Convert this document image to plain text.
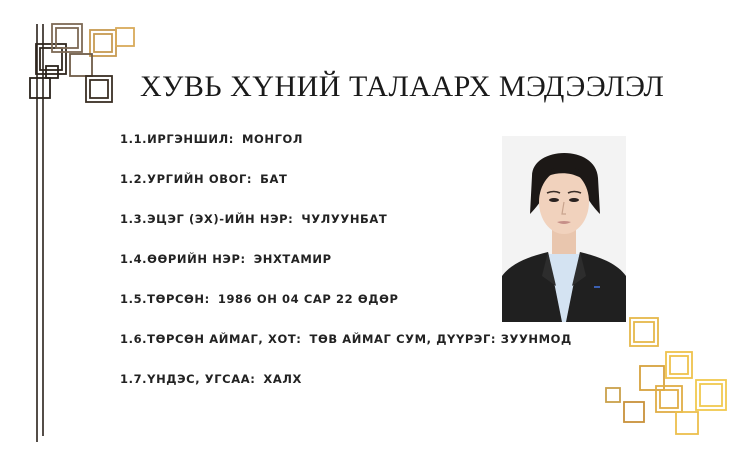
ХУВЬ ХҮНИЙ ТАЛААРХ МЭДЭЭЛЭЛ
1.1.ИРГЭНШИЛ: МОНГОЛ
1.2.УРГИЙН ОВОГ: БАТ
1.3.ЭЦЭГ (ЭХ)-ИЙН НЭР: ЧУЛУУНБАТ
1.4.ӨӨРИЙН НЭР: ЭНХТАМИР
1.5.ТӨРСӨН: 1986 ОН 04 САР 22 ӨДӨР
1.6.ТӨРСӨН АЙМАГ, ХОТ: ТӨВ АЙМАГ СУМ, ДҮҮРЭГ: ЗУУНМОД
1.7.ҮНДЭС, УГСАА: ХАЛХ
